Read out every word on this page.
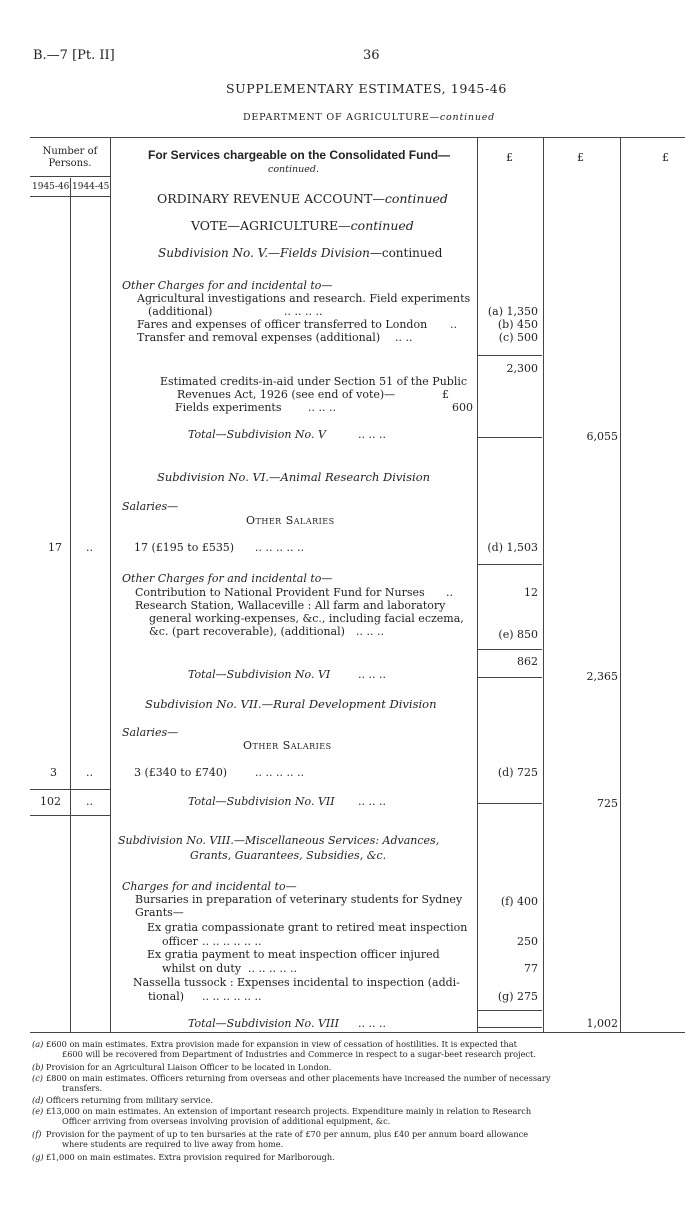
B.—7 [Pt. II]	36
SUPPLEMENTARY ESTIMATES, 1945-46
DEPARTMENT OF AGRICULTURE—continued
Number of Persons.
1945-46 1944-45
For Services chargeable on the Consolidated Fund—
continued.
£	£	£
ORDINARY REVENUE ACCOUNT—continued
VOTE—AGRICULTURE—continued
Subdivision No. V.—Fields Division—continued
Other Charges for and incidental to—
Agricultural investigations and research. Field experiments
(additional)	.. .. .. ..	(a) 1,350
Fares and expenses of officer transferred to London ..	(b) 450
Transfer and removal expenses (additional) .. ..	(c) 500
2,300
Estimated credits-in-aid under Section 51 of the Public
Revenues Act, 1926 (see end of vote)—	£
Fields experiments .. .. ..	600
Total—Subdivision No. V	.. .. ..	6,055
Subdivision No. VI.—Animal Research Division
Salaries—
Other Salaries
17 ..	17 (£195 to £535) .. .. .. .. ..	(d) 1,503
Other Charges for and incidental to—
Contribution to National Provident Fund for Nurses ..	12
Research Station, Wallaceville : All farm and laboratory
general working-expenses, &c., including facial eczema,
&c. (part recoverable), (additional) .. .. ..	(e) 850
862
Total—Subdivision No. VI	.. .. ..	2,365
Subdivision No. VII.—Rural Development Division
Salaries—
Other Salaries
3	..	3 (£340 to £740)	.. .. .. .. ..	(d) 725
102 ..	Total—Subdivision No. VII .. .. ..	725
Subdivision No. VIII.—Miscellaneous Services: Advances,
Grants, Guarantees, Subsidies, &c.
Charges for and incidental to—
Bursaries in preparation of veterinary students for Sydney	(f) 400
Grants—
Ex gratia compassionate grant to retired meat inspection
officer .. .. .. .. .. ..	250
Ex gratia payment to meat inspection officer injured
whilst on duty .. .. .. .. ..	77
Nassella tussock : Expenses incidental to inspection (addi-
tional) .. .. .. .. .. ..	(g) 275
Total—Subdivision No. VIII .. .. ..	1,002
(a) £600 on main estimates. Extra provision made for expansion in view of cessation of hostilities. It is expected that
£600 will be recovered from Department of Industries and Commerce in respect to a sugar-beet research project.
(b) Provision for an Agricultural Liaison Officer to be located in London.
(c) £800 on main estimates. Officers returning from overseas and other placements have increased the number of necessary
transfers.
(d) Officers returning from military service.
(e) £13,000 on main estimates. An extension of important research projects. Expenditure mainly in relation to Research
Officer arriving from overseas involving provision of additional equipment, &c.
(f) Provision for the payment of up to ten bursaries at the rate of £70 per annum, plus £40 per annum board allowance
where students are required to live away from home.
(g) £1,000 on main estimates. Extra provision required for Marlborough.
